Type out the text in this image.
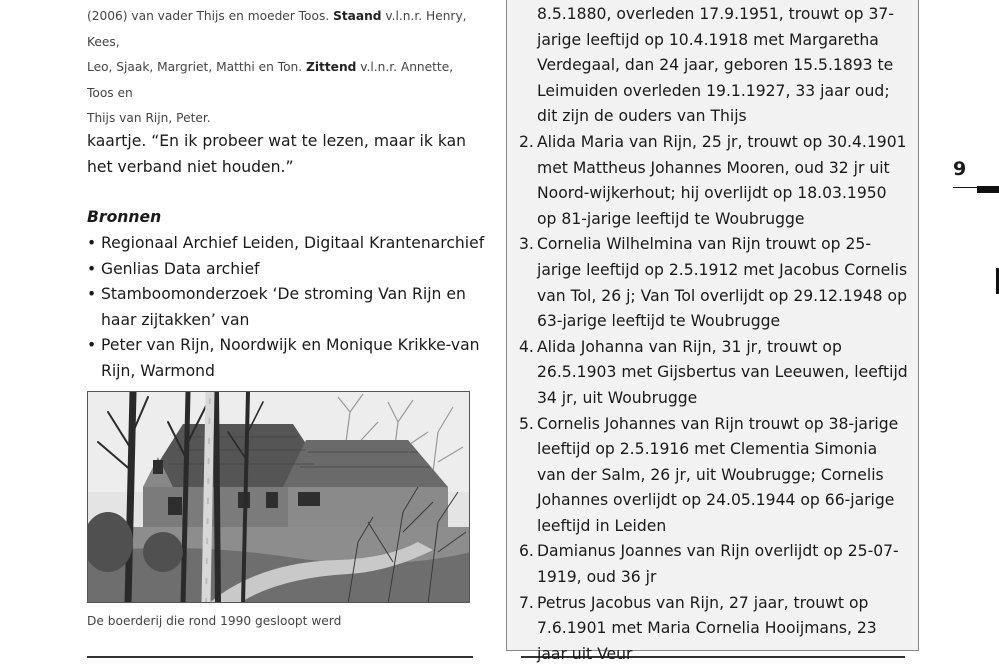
(2006) van vader Thijs en moeder Toos. Staand v.l.n.r. Henry, Kees,
Leo, Sjaak, Margriet, Matthi en Ton. Zittend v.l.n.r. Annette, Toos en
Thijs van Rijn, Peter.
kaartje. “En ik probeer wat te lezen, maar ik kan het verband niet houden.”
Bronnen
• Regionaal Archief Leiden, Digitaal Krantenarchief
• Genlias Data archief
• Stamboomonderzoek ‘De stroming Van Rijn en haar zijtakken’ van
• Peter van Rijn, Noordwijk en Monique Krikke-van Rijn, Warmond
De boerderij die rond 1990 gesloopt werd
8.5.1880, overleden 17.9.1951, trouwt op 37-jarige leeftijd op 10.4.1918 met Margaretha Verdegaal, dan 24 jaar, geboren 15.5.1893 te Leimuiden overleden 19.1.1927, 33 jaar oud; dit zijn de ouders van Thijs
2. Alida Maria van Rijn, 25 jr, trouwt op 30.4.1901 met Mattheus Johannes Mooren, oud 32 jr uit Noord-wijkerhout; hij overlijdt op 18.03.1950 op 81-jarige leeftijd te Woubrugge
3. Cornelia Wilhelmina van Rijn trouwt op 25-jarige leeftijd op 2.5.1912 met Jacobus Cornelis van Tol, 26 j; Van Tol overlijdt op 29.12.1948 op 63-jarige leeftijd te Woubrugge
4. Alida Johanna van Rijn, 31 jr, trouwt op 26.5.1903 met Gijsbertus van Leeuwen, leeftijd 34 jr, uit Woubrugge
5. Cornelis Johannes van Rijn trouwt op 38-jarige leeftijd op 2.5.1916 met Clementia Simonia van der Salm, 26 jr, uit Woubrugge; Cornelis Johannes overlijdt op 24.05.1944 op 66-jarige leeftijd in Leiden
6. Damianus Joannes van Rijn overlijdt op 25-07-1919, oud 36 jr
7. Petrus Jacobus van Rijn, 27 jaar, trouwt op 7.6.1901 met Maria Cornelia Hooijmans, 23 jaar uit Veur
9
